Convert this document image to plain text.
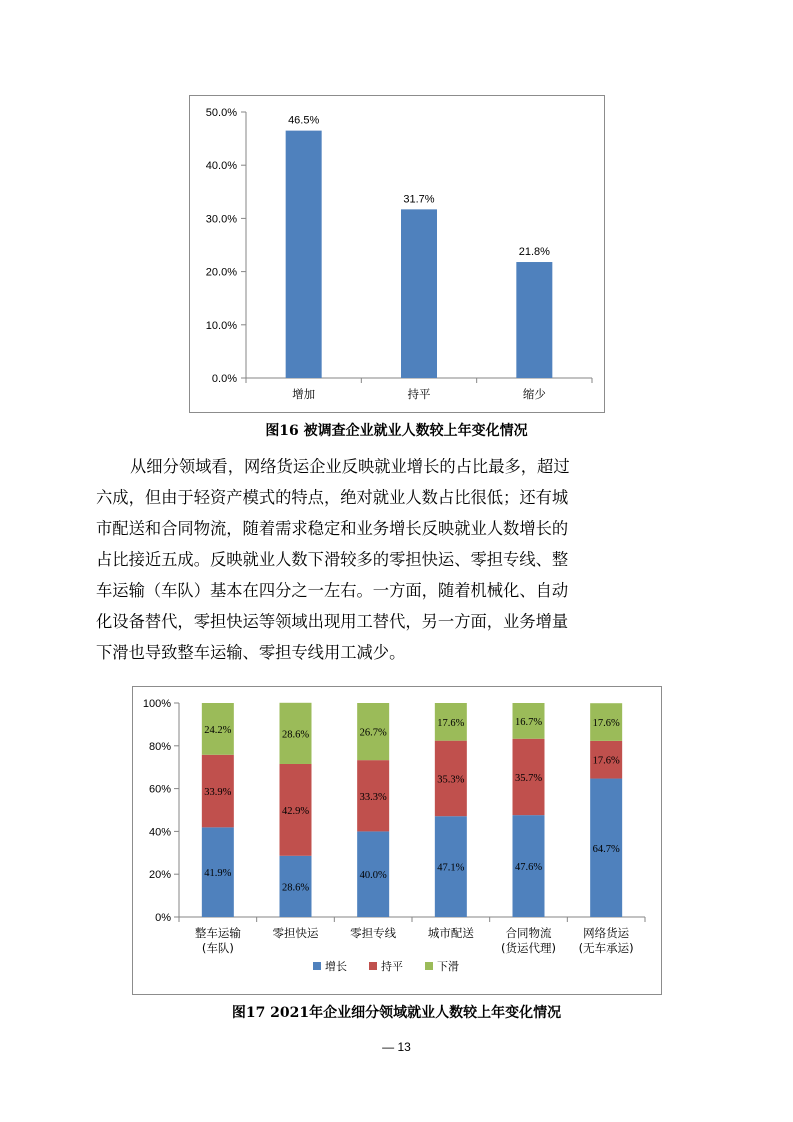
0.0%
10.0%
20.0%
30.0%
40.0%
50.0%
46.5%
增加
31.7%
持平
21.8%
缩少
图16 被调查企业就业人数较上年变化情况
从细分领域看，网络货运企业反映就业增长的占比最多，超过
六成，但由于轻资产模式的特点，绝对就业人数占比很低；还有城
市配送和合同物流，随着需求稳定和业务增长反映就业人数增长的
占比接近五成。反映就业人数下滑较多的零担快运、零担专线、整
车运输（车队）基本在四分之一左右。一方面，随着机械化、自动
化设备替代，零担快运等领域出现用工替代，另一方面，业务增量
下滑也导致整车运输、零担专线用工减少。
0%
20%
40%
60%
80%
100%
41.9%
33.9%
24.2%
整车运输
(车队)
28.6%
42.9%
28.6%
零担快运
40.0%
33.3%
26.7%
零担专线
47.1%
35.3%
17.6%
城市配送
47.6%
35.7%
16.7%
合同物流
(货运代理)
64.7%
17.6%
17.6%
网络货运
(无车承运)
增长	持平	下滑
图17 2021年企业细分领域就业人数较上年变化情况
— 13
